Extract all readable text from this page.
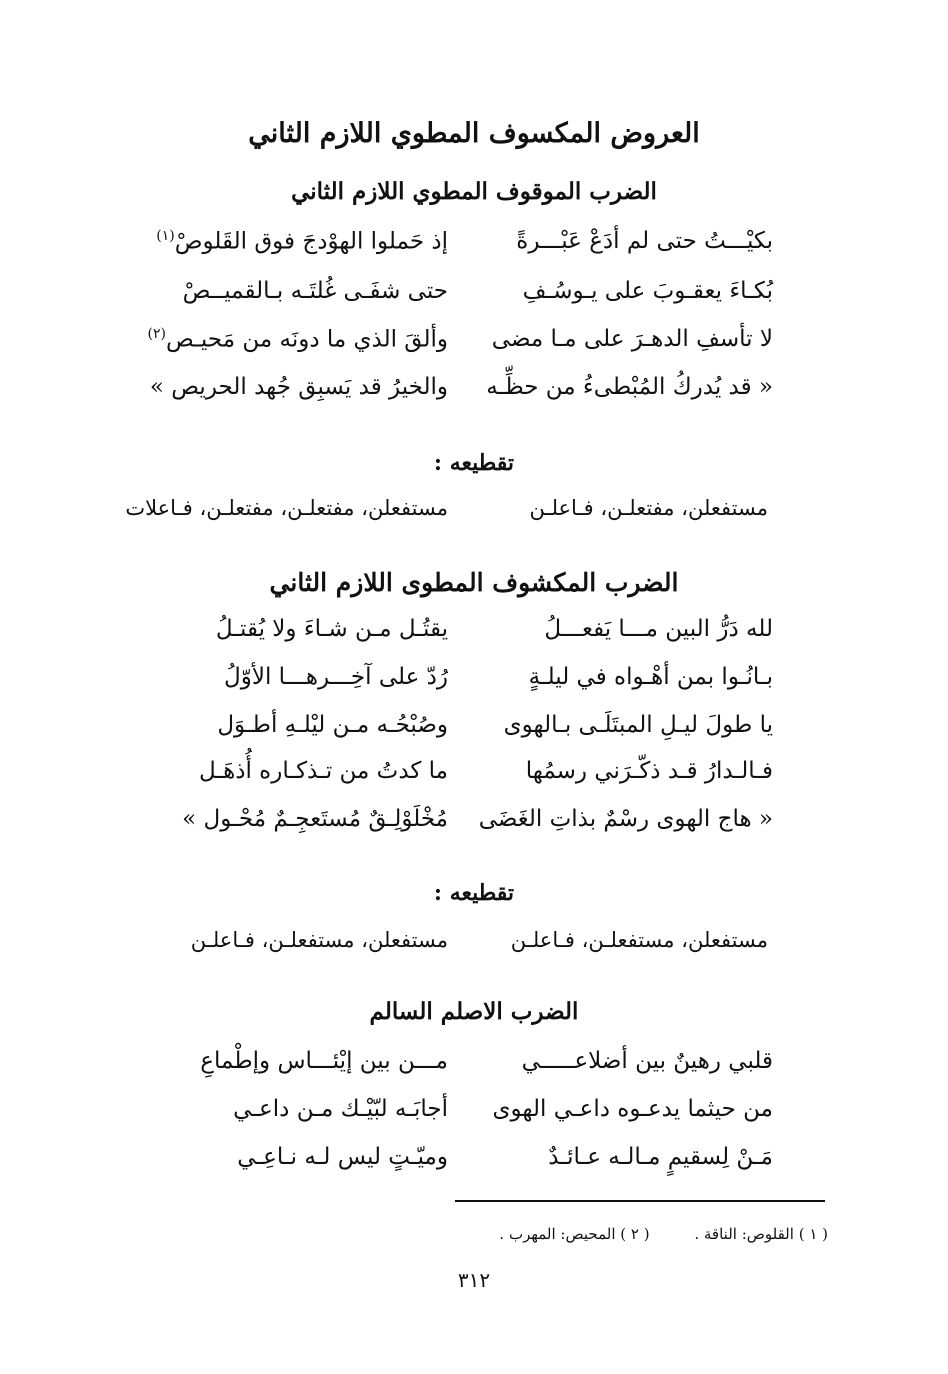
العروض المكسوف المطوي اللازم الثاني
الضرب الموقوف المطوي اللازم الثاني
بكيْـــتُ حتى لم أدَعْ عَبْـــرةً
إذ حَملوا الهوْدجَ فوق القَلوصْ$^{(١)}$
بُكـاءَ يعقـوبَ على يـوسُـفِ
حتى شفَـى غُلتَـه بـالقميــصْ
لا تأسفِ الدهـرَ على مـا مضى
وألقَ الذي ما دونَه من مَحيـص$^{(٢)}$
« قد يُدركُ المُبْطىءُ من حظِّـه
والخيرُ قد يَسبِق جُهد الحريص »
تقطيعه :
مستفعلن، مفتعلـن، فـاعلـن
مستفعلن، مفتعلـن، مفتعلـن، فـاعلات
الضرب المكشوف المطوى اللازم الثاني
لله دَرُّ البين مـــا يَفعـــلُ
يقتُـل مـن شـاءَ ولا يُقتـلُ
بـانُـوا بمن أهْـواه في ليلـةٍ
رُدّ على آخِـــرهـــا الأوّلُ
يا طولَ ليـلِ المبتَلَـى بـالهوى
وصُبْحُـه مـن ليْلـهِ أطـوَل
فـالـدارُ قـد ذكّـرَني رسمُها
ما كدتُ من تـذكـاره أُذهَـل
« هاج الهوى رسْمٌ بذاتِ الغَضَى
مُخْلَوْلِـقٌ مُستَعجِـمٌ مُحْـول »
تقطيعه :
مستفعلن، مستفعلـن، فـاعلـن
مستفعلن، مستفعلـن، فـاعلـن
الضرب الاصلم السالم
قلبي رهينٌ بين أضلاعـــــي
مـــن بين إيْئـــاس وإطْماعِ
من حيثما يدعـوه داعـي الهوى
أجابَـه لبّيْـك مـن داعـي
مَـنْ لِسقيمٍ مـالـه عـائـدٌ
وميّـتٍ ليس لـه نـاعِـي
( ١ ) القلوص: الناقة . ( ٢ ) المحيص: المهرب .
٣١٢
